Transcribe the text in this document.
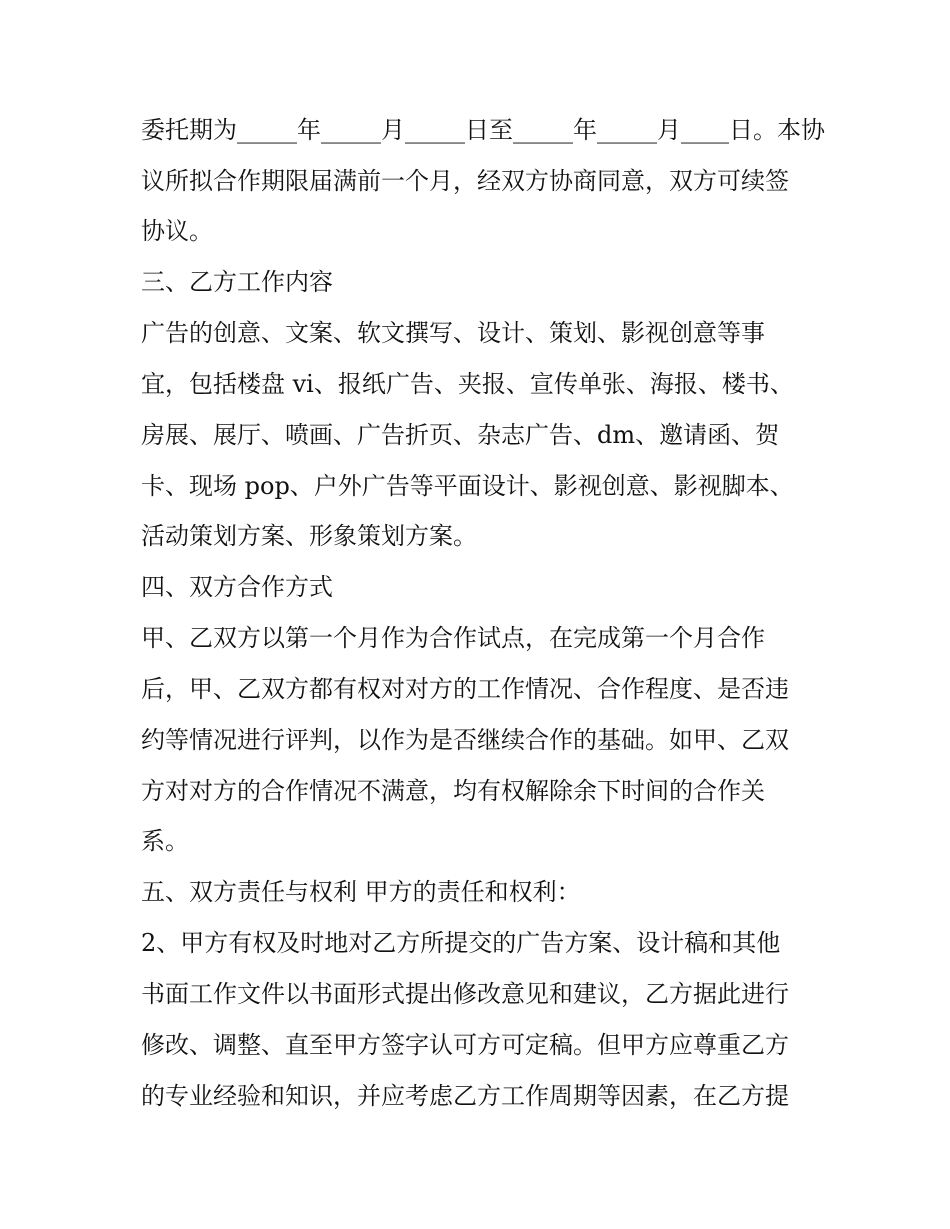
委托期为_____年_____月_____日至_____年_____月____日。本协

议所拟合作期限届满前一个月，经双方协商同意，双方可续签

协议。

三、乙方工作内容

广告的创意、文案、软文撰写、设计、策划、影视创意等事

宜，包括楼盘 vi、报纸广告、夹报、宣传单张、海报、楼书、

房展、展厅、喷画、广告折页、杂志广告、dm、邀请函、贺

卡、现场 pop、户外广告等平面设计、影视创意、影视脚本、

活动策划方案、形象策划方案。

四、双方合作方式

甲、乙双方以第一个月作为合作试点，在完成第一个月合作

后，甲、乙双方都有权对对方的工作情况、合作程度、是否违

约等情况进行评判，以作为是否继续合作的基础。如甲、乙双

方对对方的合作情况不满意，均有权解除余下时间的合作关

系。

五、双方责任与权利 甲方的责任和权利：

2、甲方有权及时地对乙方所提交的广告方案、设计稿和其他

书面工作文件以书面形式提出修改意见和建议，乙方据此进行

修改、调整、直至甲方签字认可方可定稿。但甲方应尊重乙方

的专业经验和知识，并应考虑乙方工作周期等因素，在乙方提
